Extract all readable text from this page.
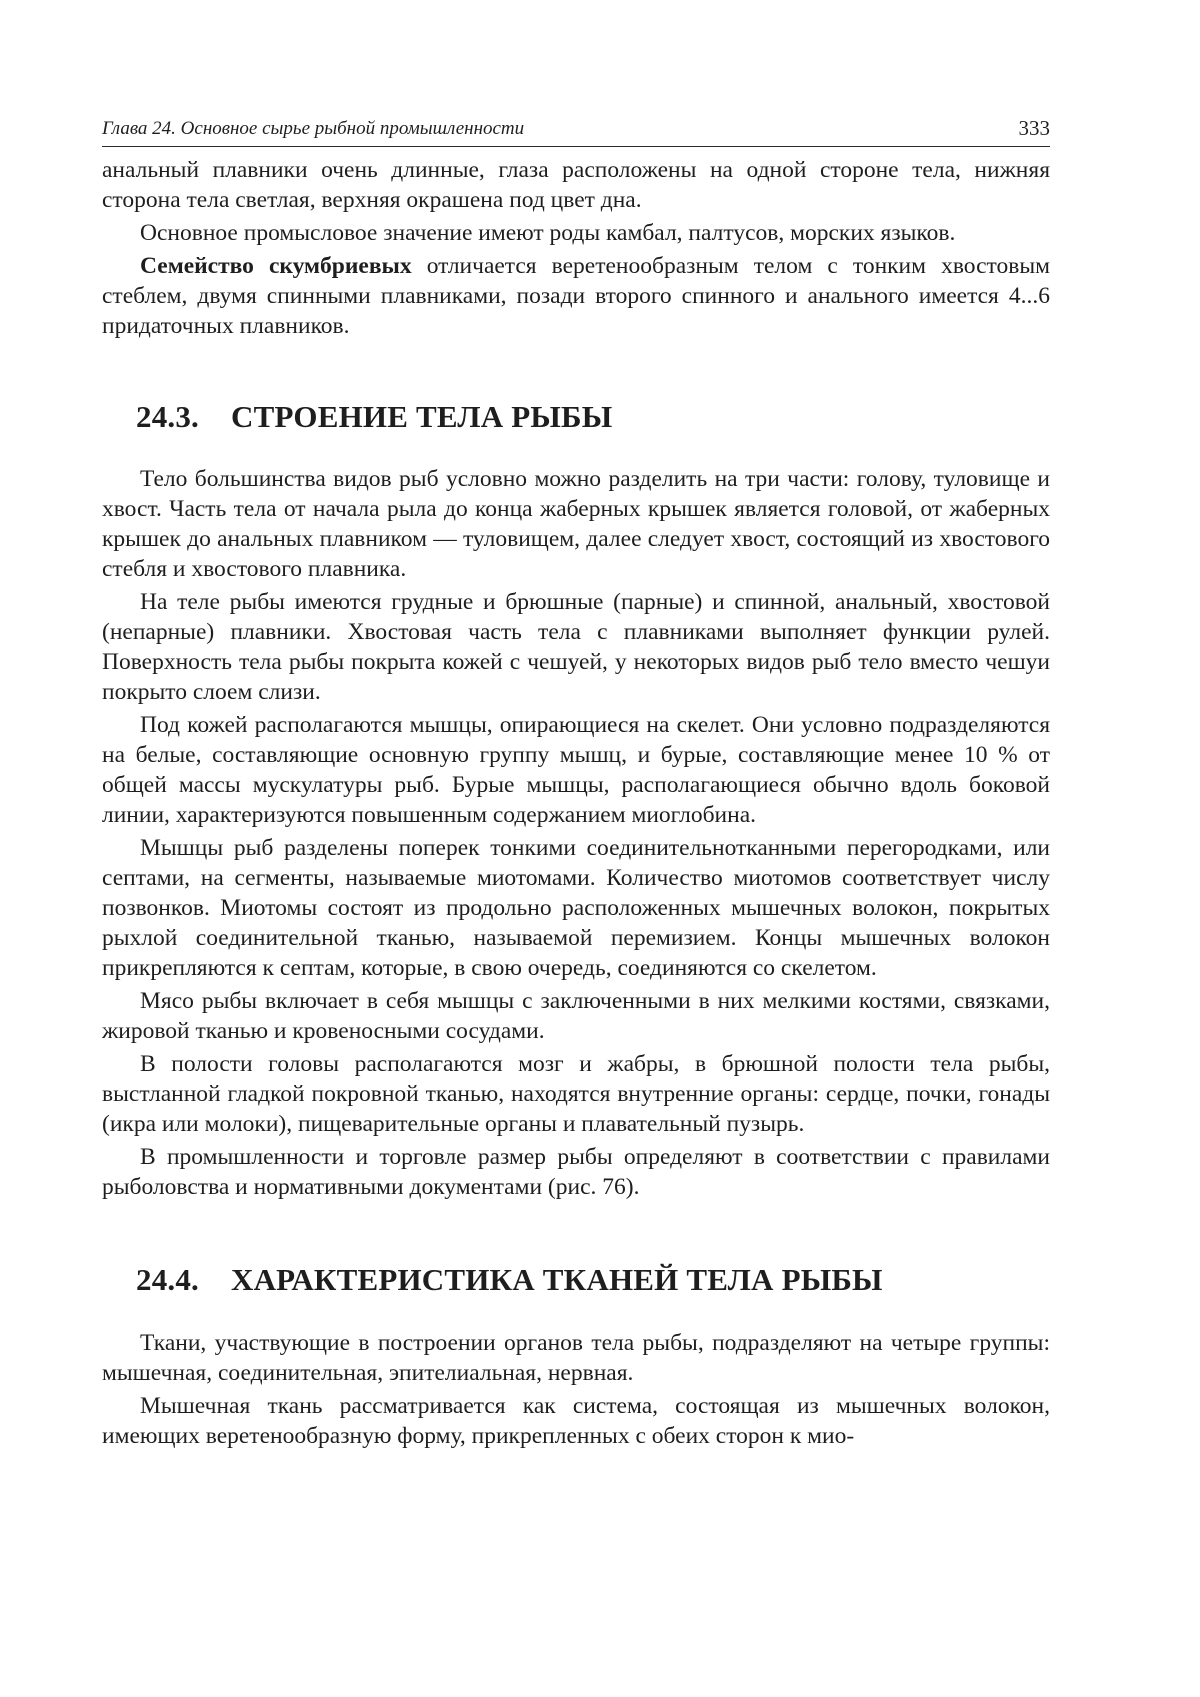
Глава 24. Основное сырье рыбной промышленности	333

анальный плавники очень длинные, глаза расположены на одной стороне тела, нижняя сторона тела светлая, верхняя окрашена под цвет дна.

Основное промысловое значение имеют роды камбал, палтусов, морских языков.

Семейство скумбриевых отличается веретенообразным телом с тонким хвостовым стеблем, двумя спинными плавниками, позади второго спинного и анального имеется 4...6 придаточных плавников.

24.3. СТРОЕНИЕ ТЕЛА РЫБЫ

Тело большинства видов рыб условно можно разделить на три части: голову, туловище и хвост. Часть тела от начала рыла до конца жаберных крышек является головой, от жаберных крышек до анальных плавником — туловищем, далее следует хвост, состоящий из хвостового стебля и хвостового плавника.

На теле рыбы имеются грудные и брюшные (парные) и спинной, анальный, хвостовой (непарные) плавники. Хвостовая часть тела с плавниками выполняет функции рулей. Поверхность тела рыбы покрыта кожей с чешуей, у некоторых видов рыб тело вместо чешуи покрыто слоем слизи.

Под кожей располагаются мышцы, опирающиеся на скелет. Они условно подразделяются на белые, составляющие основную группу мышц, и бурые, составляющие менее 10 % от общей массы мускулатуры рыб. Бурые мышцы, располагающиеся обычно вдоль боковой линии, характеризуются повышенным содержанием миоглобина.

Мышцы рыб разделены поперек тонкими соединительнотканными перегородками, или септами, на сегменты, называемые миотомами. Количество миотомов соответствует числу позвонков. Миотомы состоят из продольно расположенных мышечных волокон, покрытых рыхлой соединительной тканью, называемой перемизием. Концы мышечных волокон прикрепляются к септам, которые, в свою очередь, соединяются со скелетом.

Мясо рыбы включает в себя мышцы с заключенными в них мелкими костями, связками, жировой тканью и кровеносными сосудами.

В полости головы располагаются мозг и жабры, в брюшной полости тела рыбы, выстланной гладкой покровной тканью, находятся внутренние органы: сердце, почки, гонады (икра или молоки), пищеварительные органы и плавательный пузырь.

В промышленности и торговле размер рыбы определяют в соответствии с правилами рыболовства и нормативными документами (рис. 76).

24.4. ХАРАКТЕРИСТИКА ТКАНЕЙ ТЕЛА РЫБЫ

Ткани, участвующие в построении органов тела рыбы, подразделяют на четыре группы: мышечная, соединительная, эпителиальная, нервная.

Мышечная ткань рассматривается как система, состоящая из мышечных волокон, имеющих веретенообразную форму, прикрепленных с обеих сторон к мио-
